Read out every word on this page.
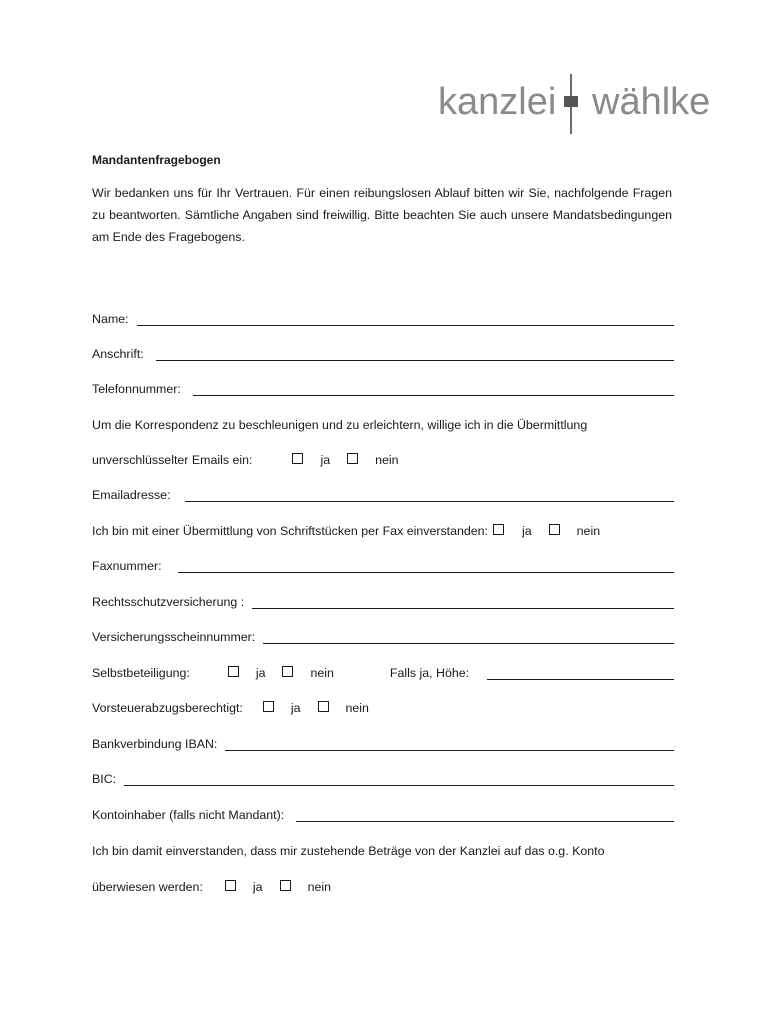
kanzlei wählke
Mandantenfragebogen
Wir bedanken uns für Ihr Vertrauen. Für einen reibungslosen Ablauf bitten wir Sie, nachfolgende Fragen zu beantworten. Sämtliche Angaben sind freiwillig. Bitte beachten Sie auch unsere Mandatsbedingungen am Ende des Fragebogens.
Name:
Anschrift:
Telefonnummer:
Um die Korrespondenz zu beschleunigen und zu erleichtern, willige ich in die Übermittlung
unverschlüsselter Emails ein:	ja	nein
Emailadresse:
Ich bin mit einer Übermittlung von Schriftstücken per Fax einverstanden:	ja	nein
Faxnummer:
Rechtsschutzversicherung :
Versicherungsscheinnummer:
Selbstbeteiligung:	ja	nein	Falls ja, Höhe:
Vorsteuerabzugsberechtigt:	ja	nein
Bankverbindung IBAN:
BIC:
Kontoinhaber (falls nicht Mandant):
Ich bin damit einverstanden, dass mir zustehende Beträge von der Kanzlei auf das o.g. Konto
überwiesen werden:	ja	nein
